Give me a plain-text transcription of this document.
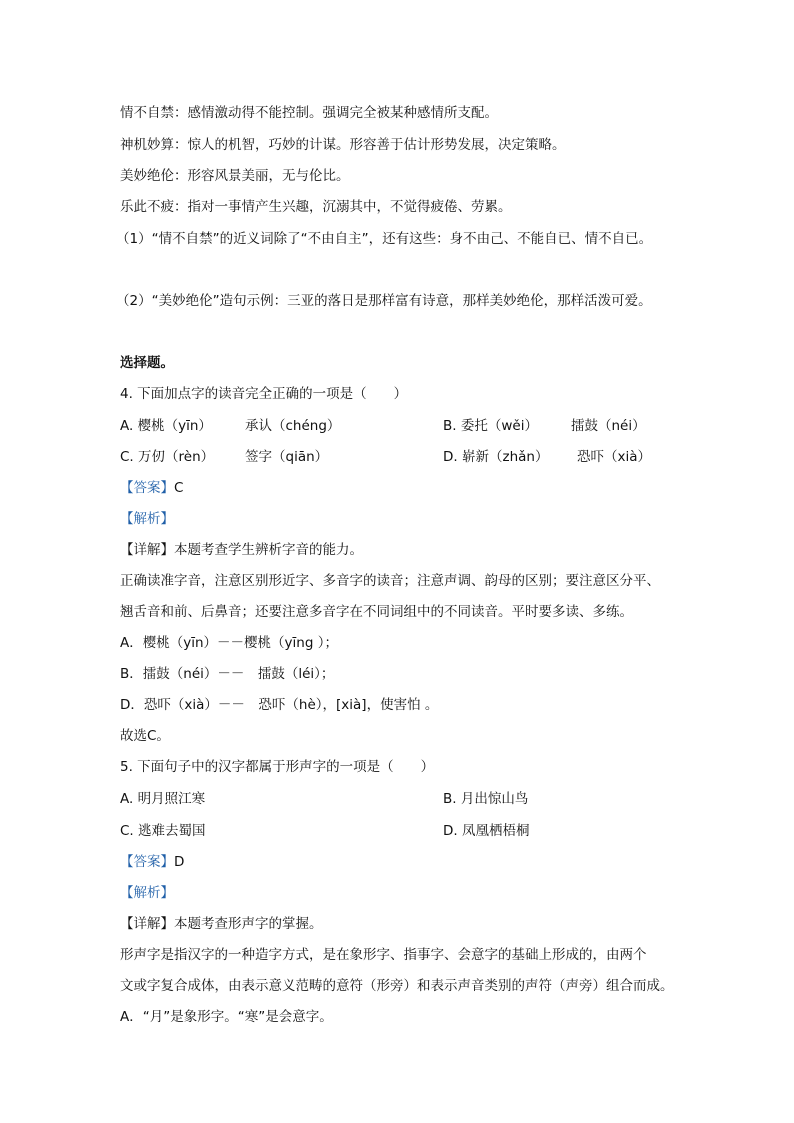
情不自禁：感情激动得不能控制。强调完全被某种感情所支配。
神机妙算：惊人的机智，巧妙的计谋。形容善于估计形势发展，决定策略。
美妙绝伦：形容风景美丽，无与伦比。
乐此不疲：指对一事情产生兴趣，沉溺其中，不觉得疲倦、劳累。
（1）“情不自禁”的近义词除了“不由自主”，还有这些：身不由己、不能自已、情不自已。
（2）“美妙绝伦”造句示例：三亚的落日是那样富有诗意，那样美妙绝伦，那样活泼可爱。
选择题。
4. 下面加点字的读音完全正确的一项是（　　）
A. 樱桃（yīn） 承认（chéng）	B. 委托（wěi） 擂鼓（néi）
C. 万仞（rèn） 签字（qiān）	D. 崭新（zhǎn） 恐吓（xià）
【答案】C
【解析】
【详解】本题考查学生辨析字音的能力。
正确读准字音，注意区别形近字、多音字的读音；注意声调、韵母的区别；要注意区分平、
翘舌音和前、后鼻音；还要注意多音字在不同词组中的不同读音。平时要多读、多练。
A．樱桃（yīn）－－樱桃（yīng ）；
B．擂鼓（néi）－－　擂鼓（léi）；
D．恐吓（xià）－－　恐吓（hè），[xià]，使害怕 。
故选C。
5. 下面句子中的汉字都属于形声字的一项是（　　）
A. 明月照江寒	B. 月出惊山鸟
C. 逃难去蜀国	D. 凤凰栖梧桐
【答案】D
【解析】
【详解】本题考查形声字的掌握。
形声字是指汉字的一种造字方式，是在象形字、指事字、会意字的基础上形成的，由两个
文或字复合成体，由表示意义范畴的意符（形旁）和表示声音类别的声符（声旁）组合而成。
A．“月”是象形字。“寒”是会意字。
